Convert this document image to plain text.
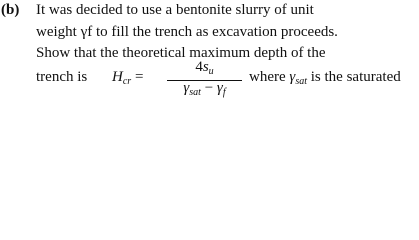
(b) It was decided to use a bentonite slurry of unit
weight γf to fill the trench as excavation proceeds.
Show that the theoretical maximum depth of the
trench is $H_{cr}$ =
$4s_u$
$\gamma_{sat} - \gamma_f$
where $\gamma_{sat}$ is the saturated
